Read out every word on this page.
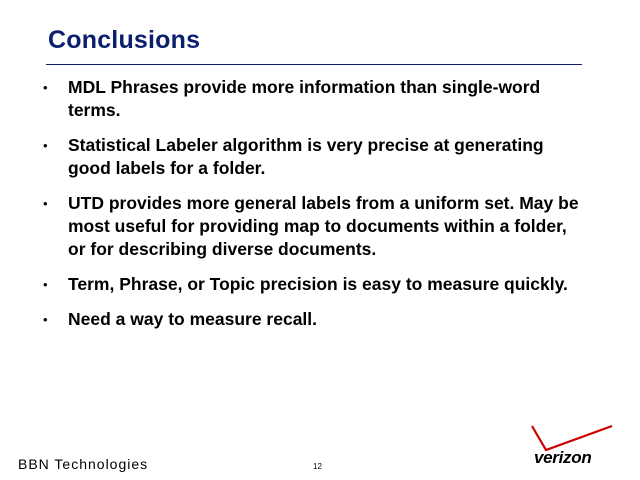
Conclusions
• MDL Phrases provide more information than single-word terms.
• Statistical Labeler algorithm is very precise at generating good labels for a folder.
• UTD provides more general labels from a uniform set. May be most useful for providing map to documents within a folder, or for describing diverse documents.
• Term, Phrase, or Topic precision is easy to measure quickly.
• Need a way to measure recall.
BBN Technologies	12	verizon
